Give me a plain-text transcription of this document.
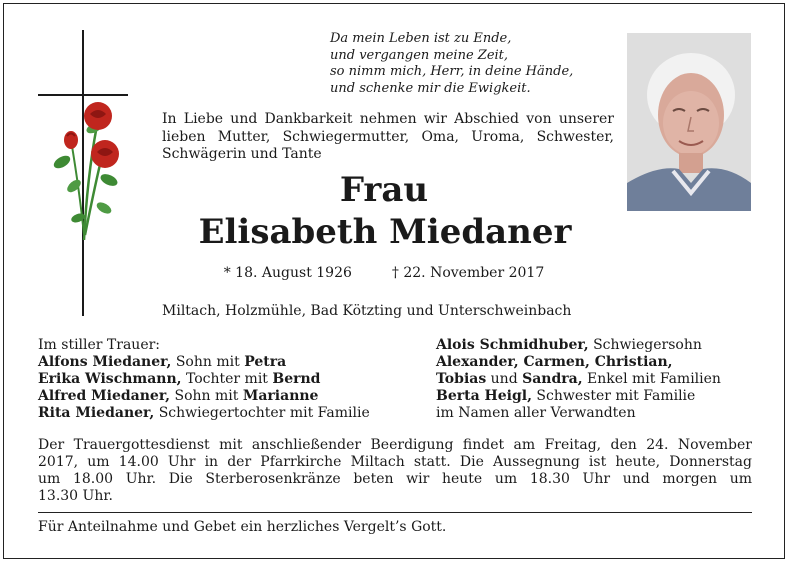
Da mein Leben ist zu Ende,
und vergangen meine Zeit,
so nimm mich, Herr, in deine Hände,
und schenke mir die Ewigkeit.
In Liebe und Dankbarkeit nehmen wir Abschied von unserer lieben Mutter, Schwiegermutter, Oma, Uroma, Schwester, Schwägerin und Tante
Frau
Elisabeth Miedaner
* 18. August 1926	† 22. November 2017
Miltach, Holzmühle, Bad Kötzting und Unterschweinbach
Im stiller Trauer:
Alfons Miedaner, Sohn mit Petra
Erika Wischmann, Tochter mit Bernd
Alfred Miedaner, Sohn mit Marianne
Rita Miedaner, Schwiegertochter mit Familie
Alois Schmidhuber, Schwiegersohn
Alexander, Carmen, Christian,
Tobias und Sandra, Enkel mit Familien
Berta Heigl, Schwester mit Familie
im Namen aller Verwandten
Der Trauergottesdienst mit anschließender Beerdigung findet am Freitag, den 24. November
2017, um 14.00 Uhr in der Pfarrkirche Miltach statt. Die Aussegnung ist heute, Donnerstag
um 18.00 Uhr. Die Sterberosenkränze beten wir heute um 18.30 Uhr und morgen um
13.30 Uhr.
Für Anteilnahme und Gebet ein herzliches Vergelt’s Gott.
